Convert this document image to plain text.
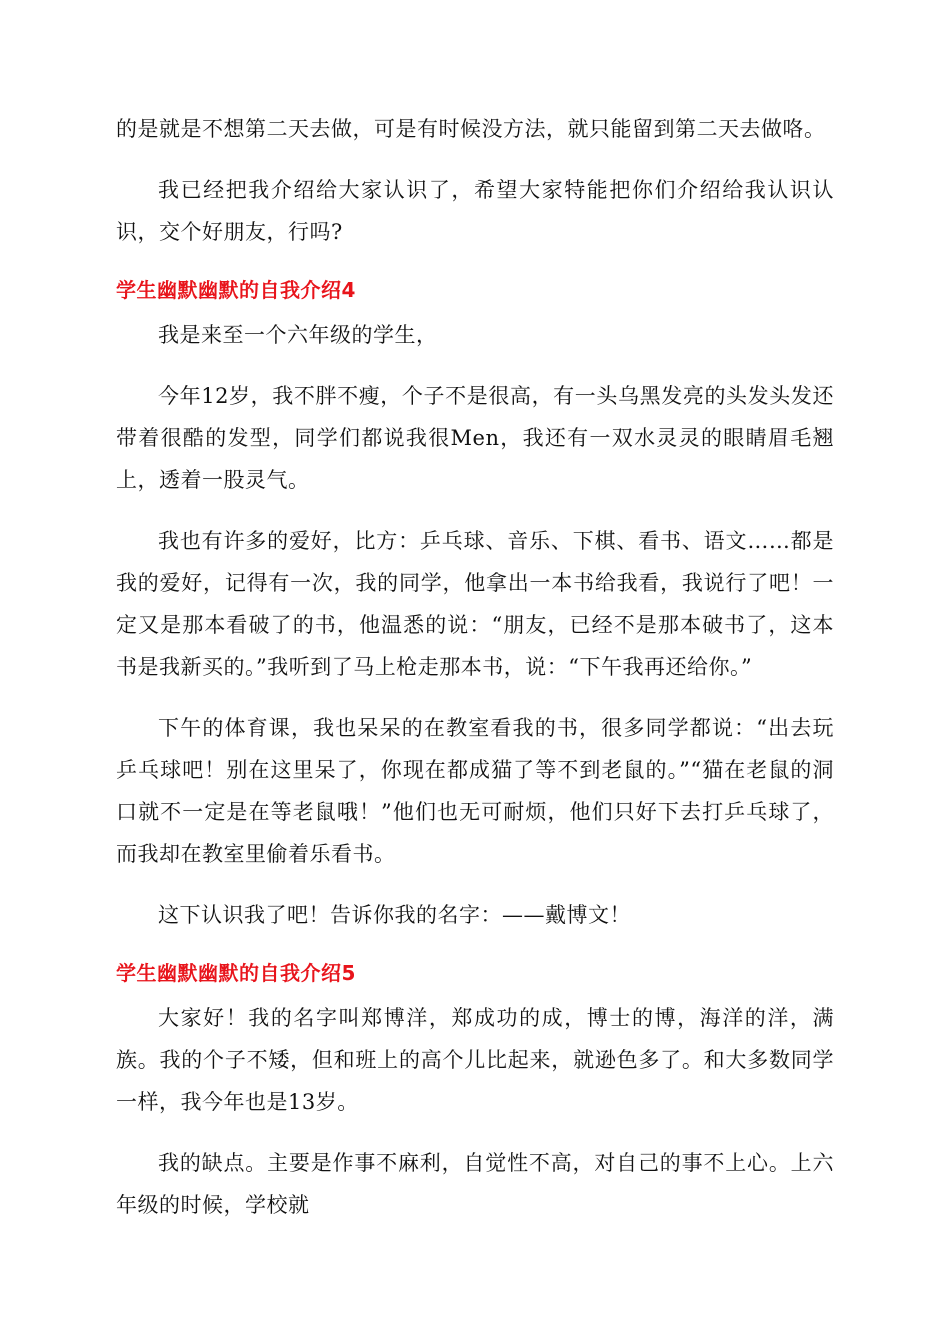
的是就是不想第二天去做，可是有时候没方法，就只能留到第二天去做咯。

我已经把我介绍给大家认识了，希望大家特能把你们介绍给我认识认识，交个好朋友，行吗?

学生幽默幽默的自我介绍4

我是来至一个六年级的学生，

今年12岁，我不胖不瘦，个子不是很高，有一头乌黑发亮的头发头发还带着很酷的发型，同学们都说我很Men，我还有一双水灵灵的眼睛眉毛翘上，透着一股灵气。

我也有许多的爱好，比方：乒乓球、音乐、下棋、看书、语文……都是我的爱好，记得有一次，我的同学，他拿出一本书给我看，我说行了吧！一定又是那本看破了的书，他温悉的说：“朋友，已经不是那本破书了，这本书是我新买的。”我听到了马上枪走那本书，说：“下午我再还给你。”

下午的体育课，我也呆呆的在教室看我的书，很多同学都说：“出去玩乒乓球吧！别在这里呆了，你现在都成猫了等不到老鼠的。”“猫在老鼠的洞口就不一定是在等老鼠哦！”他们也无可耐烦，他们只好下去打乒乓球了，而我却在教室里偷着乐看书。

这下认识我了吧！告诉你我的名字：——戴博文！

学生幽默幽默的自我介绍5

大家好！我的名字叫郑博洋，郑成功的成，博士的博，海洋的洋，满族。我的个子不矮，但和班上的高个儿比起来，就逊色多了。和大多数同学一样，我今年也是13岁。

我的缺点。主要是作事不麻利，自觉性不高，对自己的事不上心。上六年级的时候，学校就
